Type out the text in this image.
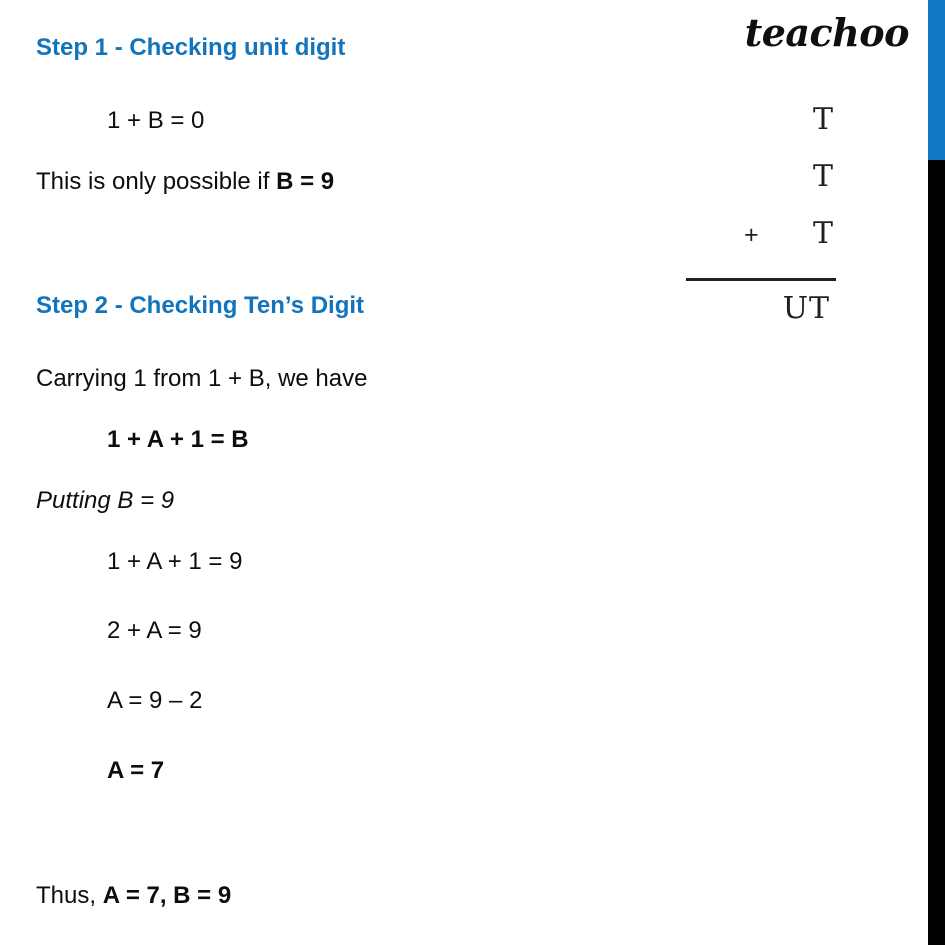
teachoo
T
T
+ T
UT
Step 1 - Checking unit digit
1 + B = 0
This is only possible if B = 9
Step 2 - Checking Ten’s Digit
Carrying 1 from 1 + B, we have
1 + A + 1 = B
Putting B = 9
1 + A + 1 = 9
2 + A = 9
A = 9 – 2
A = 7
Thus, A = 7, B = 9
